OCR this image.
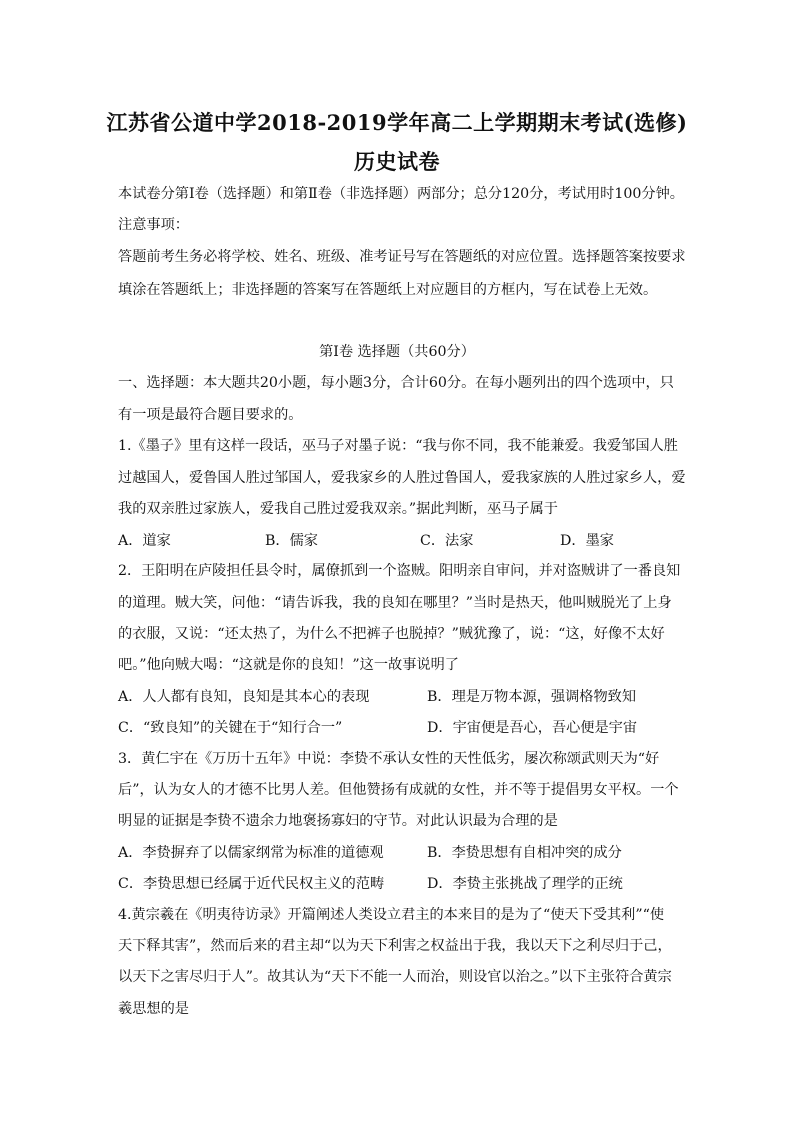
江苏省公道中学2018-2019学年高二上学期期末考试(选修)
历史试卷
本试卷分第Ⅰ卷（选择题）和第Ⅱ卷（非选择题）两部分；总分120分，考试用时100分钟。
注意事项：
答题前考生务必将学校、姓名、班级、准考证号写在答题纸的对应位置。选择题答案按要求
填涂在答题纸上；非选择题的答案写在答题纸上对应题目的方框内，写在试卷上无效。
第Ⅰ卷 选择题（共60分）
一、选择题：本大题共20小题，每小题3分，合计60分。在每小题列出的四个选项中，只
有一项是最符合题目要求的。
1.《墨子》里有这样一段话，巫马子对墨子说：“我与你不同，我不能兼爱。我爱邹国人胜
过越国人，爱鲁国人胜过邹国人，爱我家乡的人胜过鲁国人，爱我家族的人胜过家乡人，爱
我的双亲胜过家族人，爱我自己胜过爱我双亲。”据此判断，巫马子属于
A．道家	B．儒家	C．法家	D．墨家
2．王阳明在庐陵担任县令时，属僚抓到一个盗贼。阳明亲自审问，并对盗贼讲了一番良知
的道理。贼大笑，问他：“请告诉我，我的良知在哪里？”当时是热天，他叫贼脱光了上身
的衣服，又说：“还太热了，为什么不把裤子也脱掉？”贼犹豫了，说：“这，好像不太好
吧。”他向贼大喝：“这就是你的良知！”这一故事说明了
A．人人都有良知，良知是其本心的表现	B．理是万物本源，强调格物致知
C．“致良知”的关键在于“知行合一”	D．宇宙便是吾心，吾心便是宇宙
3．黄仁宇在《万历十五年》中说：李贽不承认女性的天性低劣，屡次称颂武则天为“好
后”，认为女人的才德不比男人差。但他赞扬有成就的女性，并不等于提倡男女平权。一个
明显的证据是李贽不遗余力地褒扬寡妇的守节。对此认识最为合理的是
A．李贽摒弃了以儒家纲常为标准的道德观	B．李贽思想有自相冲突的成分
C．李贽思想已经属于近代民权主义的范畴	D．李贽主张挑战了理学的正统
4.黄宗羲在《明夷待访录》开篇阐述人类设立君主的本来目的是为了“使天下受其利”“使
天下释其害”，然而后来的君主却“以为天下利害之权益出于我，我以天下之利尽归于己，
以天下之害尽归于人”。故其认为“天下不能一人而治，则设官以治之。”以下主张符合黄宗
羲思想的是
